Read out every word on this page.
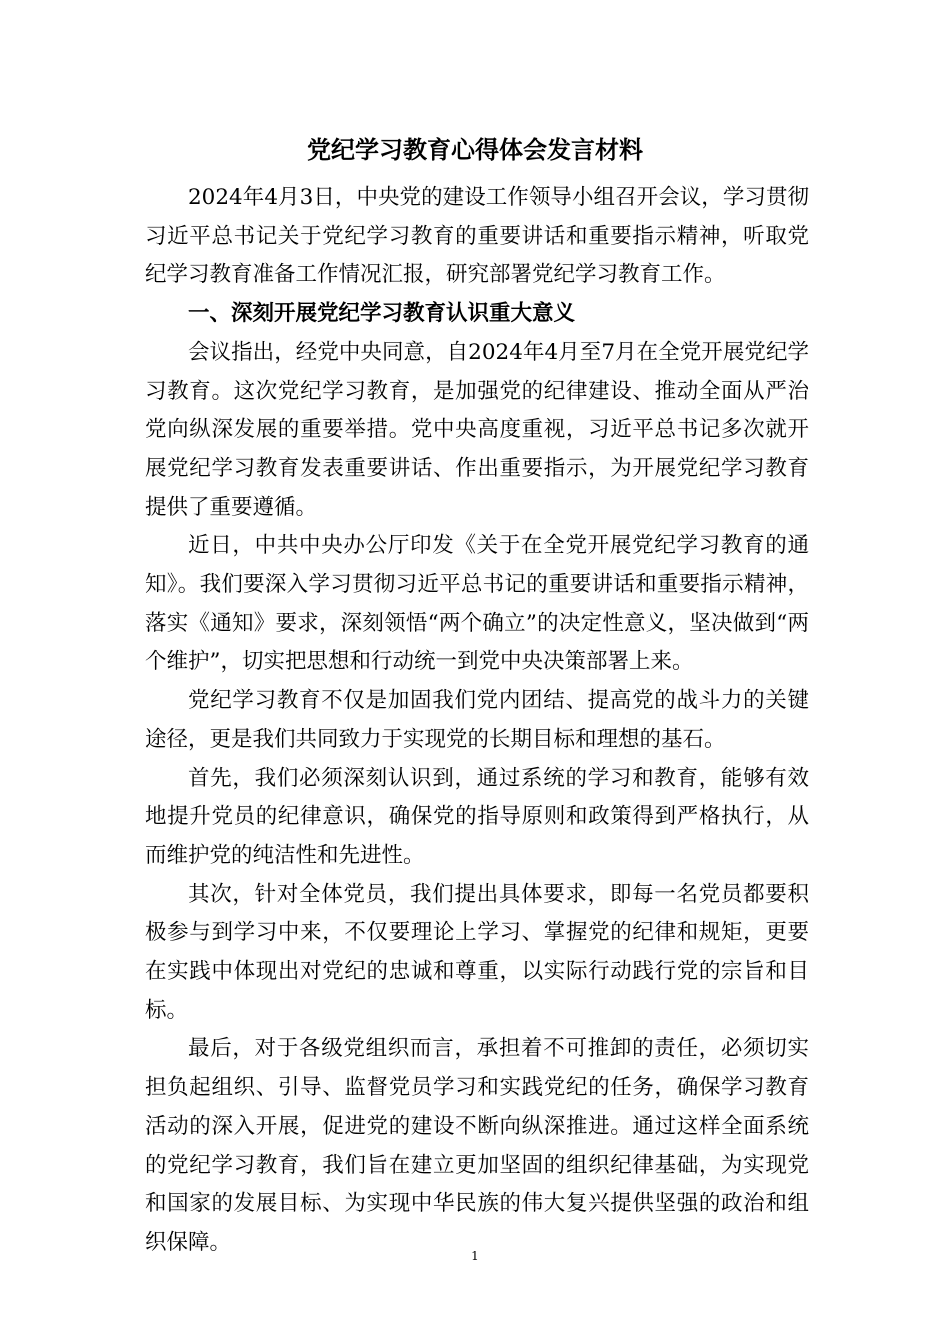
党纪学习教育心得体会发言材料

2024年4月3日，中央党的建设工作领导小组召开会议，学习贯彻习近平总书记关于党纪学习教育的重要讲话和重要指示精神，听取党纪学习教育准备工作情况汇报，研究部署党纪学习教育工作。

一、深刻开展党纪学习教育认识重大意义

会议指出，经党中央同意，自2024年4月至7月在全党开展党纪学习教育。这次党纪学习教育，是加强党的纪律建设、推动全面从严治党向纵深发展的重要举措。党中央高度重视，习近平总书记多次就开展党纪学习教育发表重要讲话、作出重要指示，为开展党纪学习教育提供了重要遵循。

近日，中共中央办公厅印发《关于在全党开展党纪学习教育的通知》。我们要深入学习贯彻习近平总书记的重要讲话和重要指示精神，落实《通知》要求，深刻领悟“两个确立”的决定性意义，坚决做到“两个维护”，切实把思想和行动统一到党中央决策部署上来。

党纪学习教育不仅是加固我们党内团结、提高党的战斗力的关键途径，更是我们共同致力于实现党的长期目标和理想的基石。

首先，我们必须深刻认识到，通过系统的学习和教育，能够有效地提升党员的纪律意识，确保党的指导原则和政策得到严格执行，从而维护党的纯洁性和先进性。

其次，针对全体党员，我们提出具体要求，即每一名党员都要积极参与到学习中来，不仅要理论上学习、掌握党的纪律和规矩，更要在实践中体现出对党纪的忠诚和尊重，以实际行动践行党的宗旨和目标。

最后，对于各级党组织而言，承担着不可推卸的责任，必须切实担负起组织、引导、监督党员学习和实践党纪的任务，确保学习教育活动的深入开展，促进党的建设不断向纵深推进。通过这样全面系统的党纪学习教育，我们旨在建立更加坚固的组织纪律基础，为实现党和国家的发展目标、为实现中华民族的伟大复兴提供坚强的政治和组织保障。

1
